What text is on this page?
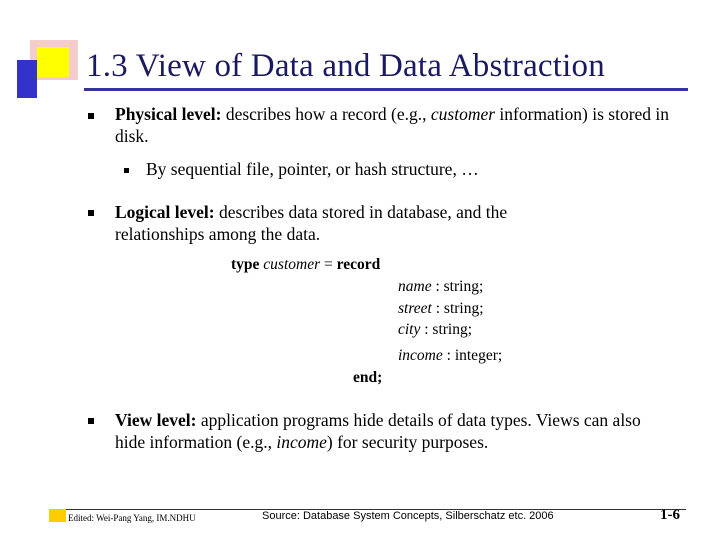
1.3 View of Data and Data Abstraction
Physical level: describes how a record (e.g., customer information) is stored in disk.
By sequential file, pointer, or hash structure, …
Logical level: describes data stored in database, and the relationships among the data.
type customer = record
name : string;
street : string;
city : string;
income : integer;
end;
View level: application programs hide details of data types. Views can also hide information (e.g., income) for security purposes.
Edited: Wei-Pang Yang, IM.NDHU	Source: Database System Concepts, Silberschatz etc. 2006	1-6
